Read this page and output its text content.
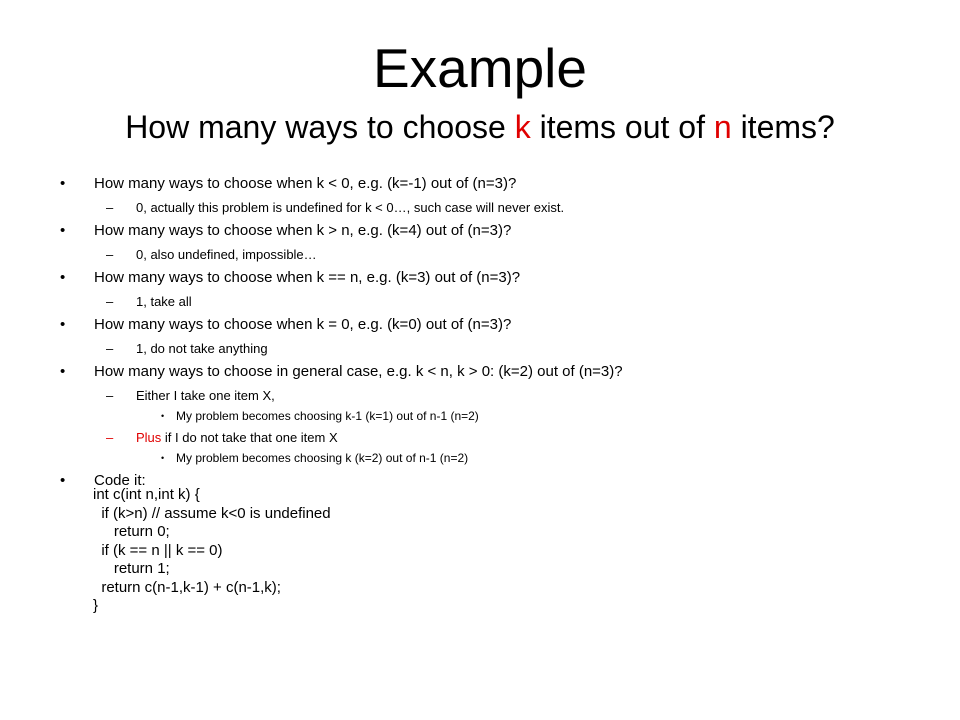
Example
How many ways to choose k items out of n items?
• How many ways to choose when k < 0, e.g. (k=-1) out of (n=3)?
– 0, actually this problem is undefined for k < 0…, such case will never exist.
• How many ways to choose when k > n, e.g. (k=4) out of (n=3)?
– 0, also undefined, impossible…
• How many ways to choose when k == n, e.g. (k=3) out of (n=3)?
– 1, take all
• How many ways to choose when k = 0, e.g. (k=0) out of (n=3)?
– 1, do not take anything
• How many ways to choose in general case, e.g. k < n, k > 0: (k=2) out of (n=3)?
– Either I take one item X,
• My problem becomes choosing k-1 (k=1) out of n-1 (n=2)
– Plus if I do not take that one item X
• My problem becomes choosing k (k=2) out of n-1 (n=2)
• Code it:
int c(int n,int k) {
if (k>n) // assume k<0 is undefined
return 0;
if (k == n || k == 0)
return 1;
return c(n-1,k-1) + c(n-1,k);
}
